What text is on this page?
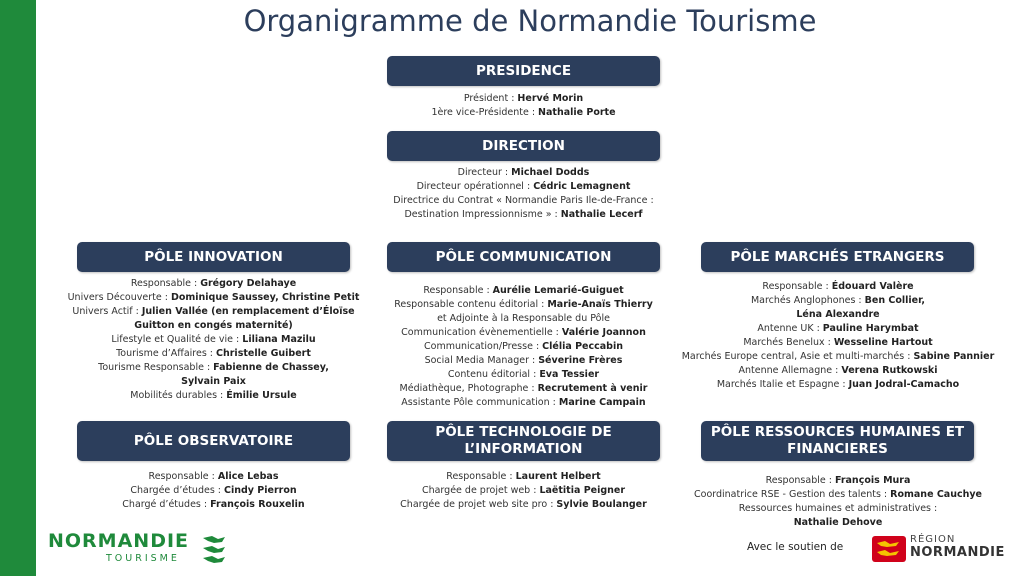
Organigramme de Normandie Tourisme
PRESIDENCE
Président : Hervé Morin
1ère vice-Présidente : Nathalie Porte
DIRECTION
Directeur : Michael Dodds
Directeur opérationnel : Cédric Lemagnent
Directrice du Contrat « Normandie Paris Ile-de-France :
Destination Impressionnisme » : Nathalie Lecerf
PÔLE INNOVATION
Responsable : Grégory Delahaye
Univers Découverte : Dominique Saussey, Christine Petit
Univers Actif : Julien Vallée (en remplacement d’Éloïse
Guitton en congés maternité)
Lifestyle et Qualité de vie : Liliana Mazilu
Tourisme d’Affaires : Christelle Guibert
Tourisme Responsable : Fabienne de Chassey,
Sylvain Paix
Mobilités durables : Émilie Ursule
PÔLE COMMUNICATION
Responsable : Aurélie Lemarié-Guiguet
Responsable contenu éditorial : Marie-Anaïs Thierry
et Adjointe à la Responsable du Pôle
Communication évènementielle : Valérie Joannon
Communication/Presse : Clélia Peccabin
Social Media Manager : Séverine Frères
Contenu éditorial : Eva Tessier
Médiathèque, Photographe : Recrutement à venir
Assistante Pôle communication : Marine Campain
PÔLE MARCHÉS ETRANGERS
Responsable : Édouard Valère
Marchés Anglophones : Ben Collier,
Léna Alexandre
Antenne UK : Pauline Harymbat
Marchés Benelux : Wesseline Hartout
Marchés Europe central, Asie et multi-marchés : Sabine Pannier
Antenne Allemagne : Verena Rutkowski
Marchés Italie et Espagne : Juan Jodral-Camacho
PÔLE OBSERVATOIRE
Responsable : Alice Lebas
Chargée d’études : Cindy Pierron
Chargé d’études : François Rouxelin
PÔLE TECHNOLOGIE DE
L’INFORMATION
Responsable : Laurent Helbert
Chargée de projet web : Laëtitia Peigner
Chargée de projet web site pro : Sylvie Boulanger
PÔLE RESSOURCES HUMAINES ET
FINANCIERES
Responsable : François Mura
Coordinatrice RSE - Gestion des talents : Romane Cauchye
Ressources humaines et administratives :
Nathalie Dehove
NORMANDIE
TOURISME
Avec le soutien de
RÉGION
NORMANDIE
